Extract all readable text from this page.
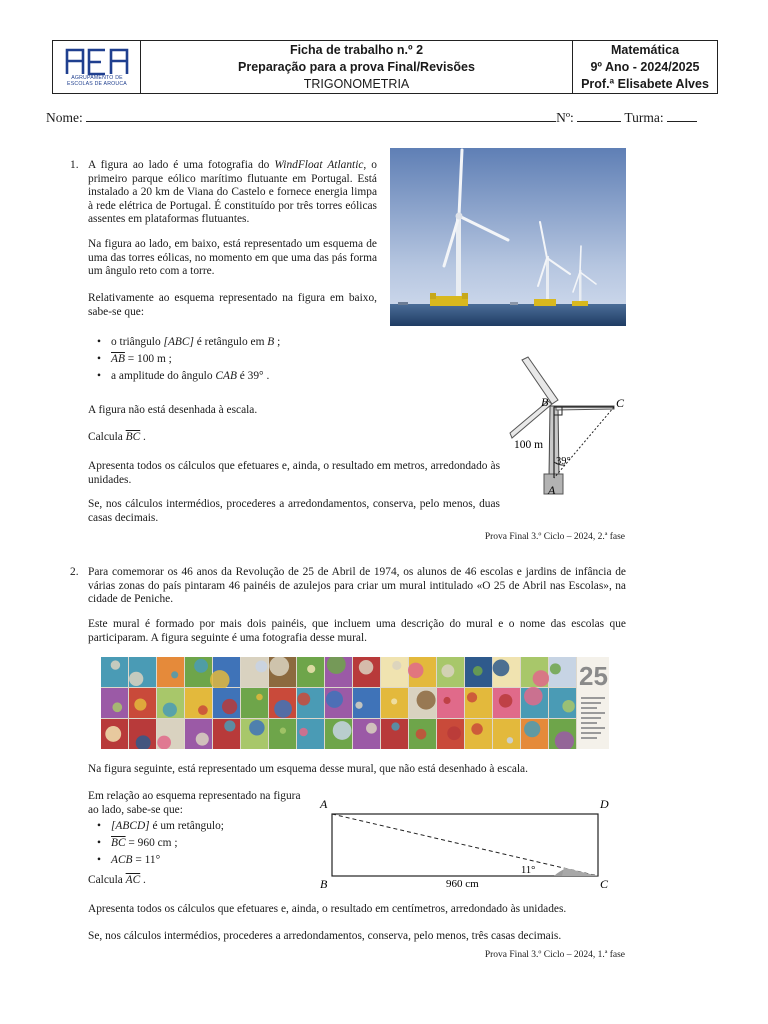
AGRUPAMENTO DE ESCOLAS DE AROUCA
Ficha de trabalho n.º 2
Preparação para a prova Final/Revisões
TRIGONOMETRIA
Matemática
9º Ano - 2024/2025
Prof.ª Elisabete Alves
Nome:	Nº:	Turma:
1. A figura ao lado é uma fotografia do WindFloat Atlantic, o primeiro parque eólico marítimo flutuante em Portugal. Está instalado a 20 km de Viana do Castelo e fornece energia limpa à rede elétrica de Portugal. É constituído por três torres eólicas assentes em plataformas flutuantes.
Na figura ao lado, em baixo, está representado um esquema de uma das torres eólicas, no momento em que uma das pás forma um ângulo reto com a torre.
Relativamente ao esquema representado na figura em baixo, sabe-se que:
• o triângulo [ABC] é retângulo em B ;
• $\overline{AB} = 100$ m ;
• a amplitude do ângulo CAB é 39° .
A figura não está desenhada à escala.
Calcula $\overline{BC}$ .
Apresenta todos os cálculos que efetuares e, ainda, o resultado em metros, arredondado às unidades.
Se, nos cálculos intermédios, procederes a arredondamentos, conserva, pelo menos, duas casas decimais.
Prova Final 3.º Ciclo – 2024, 2.ª fase
B	C
A
100 m
39°
2. Para comemorar os 46 anos da Revolução de 25 de Abril de 1974, os alunos de 46 escolas e jardins de infância de várias zonas do país pintaram 46 painéis de azulejos para criar um mural intitulado «O 25 de Abril nas Escolas», na cidade de Peniche.
Este mural é formado por mais dois painéis, que incluem uma descrição do mural e o nome das escolas que participaram. A figura seguinte é uma fotografia desse mural.
25
Na figura seguinte, está representado um esquema desse mural, que não está desenhado à escala.
Em relação ao esquema representado na figura ao lado, sabe-se que:
• [ABCD] é um retângulo;
• $\overline{BC} = 960$ cm ;
• ACB = 11°
Calcula $\overline{AC}$ .
A	D
B	C
960 cm
11°
Apresenta todos os cálculos que efetuares e, ainda, o resultado em centímetros, arredondado às unidades.
Se, nos cálculos intermédios, procederes a arredondamentos, conserva, pelo menos, três casas decimais.
Prova Final 3.º Ciclo – 2024, 1.ª fase
